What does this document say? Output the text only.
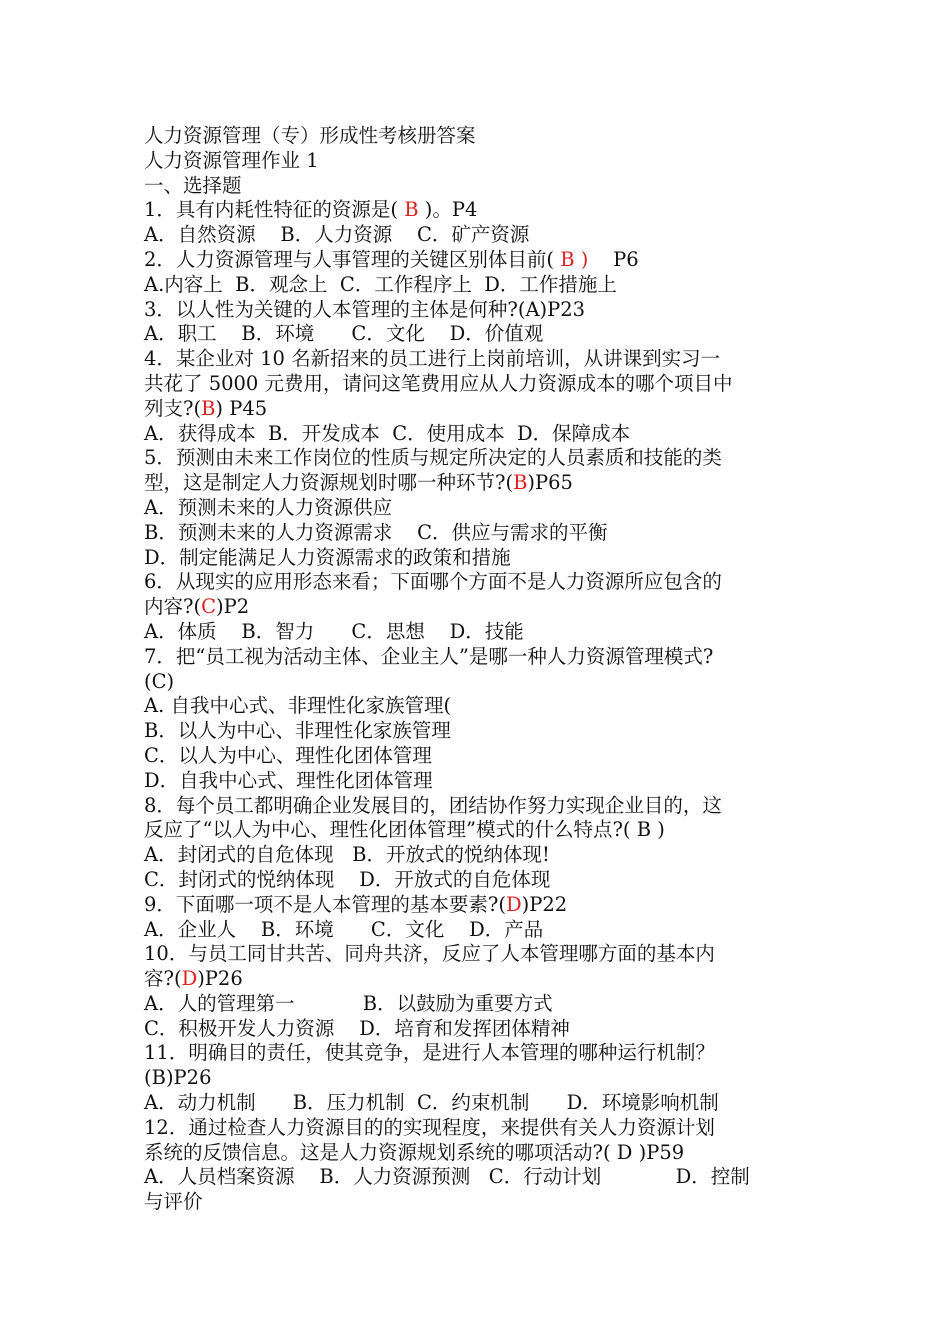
人力资源管理（专）形成性考核册答案
人力资源管理作业 1
一、选择题
1．具有内耗性特征的资源是( B )。P4
A．自然资源    B．人力资源    C．矿产资源
2．人力资源管理与人事管理的关键区别体目前( B )    P6
A.内容上  B．观念上  C．工作程序上  D．工作措施上
3．以人性为关键的人本管理的主体是何种?(A)P23
A．职工    B．环境      C．文化    D．价值观
4．某企业对 10 名新招来的员工进行上岗前培训，从讲课到实习一
共花了 5000 元费用，请问这笔费用应从人力资源成本的哪个项目中
列支?(B) P45
A．获得成本  B．开发成本  C．使用成本  D．保障成本
5．预测由未来工作岗位的性质与规定所决定的人员素质和技能的类
型，这是制定人力资源规划时哪一种环节?(B)P65
A．预测未来的人力资源供应
B．预测未来的人力资源需求    C．供应与需求的平衡
D．制定能满足人力资源需求的政策和措施
6．从现实的应用形态来看；下面哪个方面不是人力资源所应包含的
内容?(C)P2
A．体质    B．智力      C．思想    D．技能
7．把“员工视为活动主体、企业主人”是哪一种人力资源管理模式?
(C)
A. 自我中心式、非理性化家族管理(
B．以人为中心、非理性化家族管理
C．以人为中心、理性化团体管理
D．自我中心式、理性化团体管理
8．每个员工都明确企业发展目的，团结协作努力实现企业目的，这
反应了“以人为中心、理性化团体管理”模式的什么特点?( B )
A．封闭式的自危体现   B．开放式的悦纳体现!
C．封闭式的悦纳体现    D．开放式的自危体现
9．下面哪一项不是人本管理的基本要素?(D)P22
A．企业人    B．环境      C．文化    D．产品
10．与员工同甘共苦、同舟共济，反应了人本管理哪方面的基本内
容?(D)P26
A．人的管理第一           B．以鼓励为重要方式
C．积极开发人力资源    D．培育和发挥团体精神
11．明确目的责任，使其竞争，是进行人本管理的哪种运行机制？
(B)P26
A．动力机制      B．压力机制  C．约束机制      D．环境影响机制
12．通过检查人力资源目的的实现程度，来提供有关人力资源计划
系统的反馈信息。这是人力资源规划系统的哪项活动?( D )P59
A．人员档案资源    B．人力资源预测   C．行动计划            D．控制
与评价
